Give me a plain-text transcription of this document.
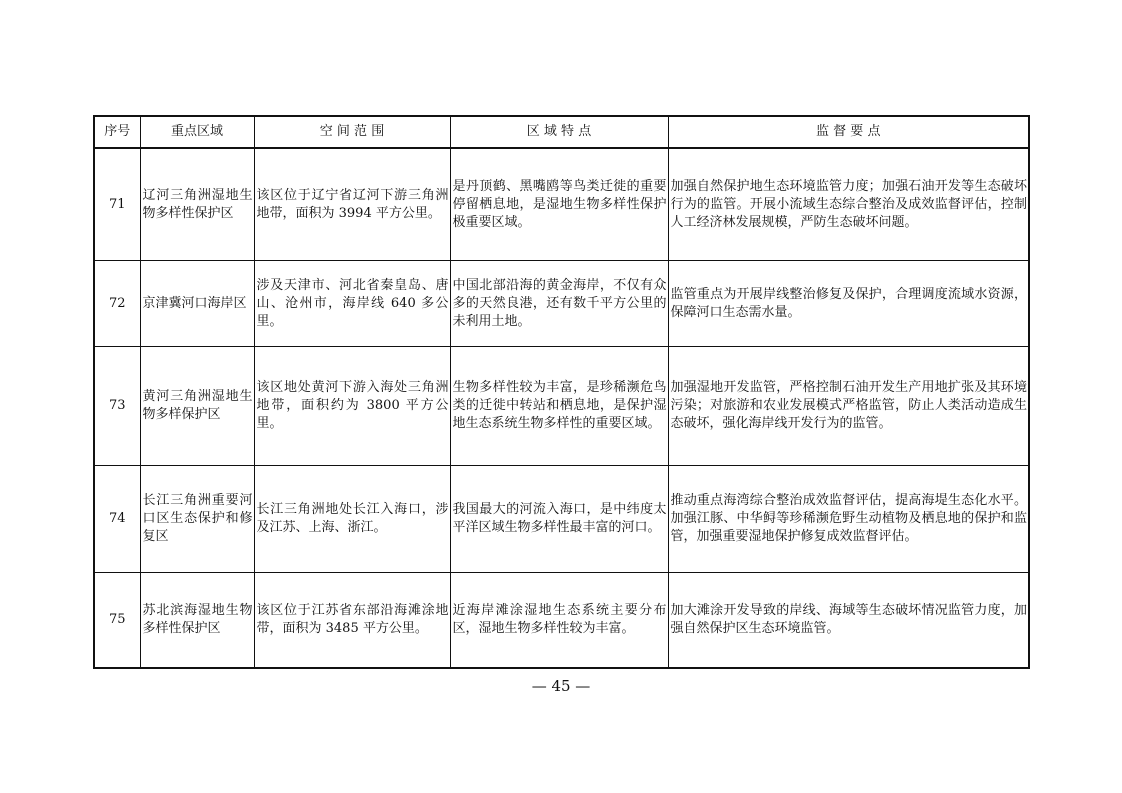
序号	重点区域	空 间 范 围	区 域 特 点	监 督 要 点
71	辽河三角洲湿地生物多样性保护区	该区位于辽宁省辽河下游三角洲地带，面积为 3994 平方公里。	是丹顶鹤、黑嘴鸥等鸟类迁徙的重要停留栖息地，是湿地生物多样性保护极重要区域。	加强自然保护地生态环境监管力度；加强石油开发等生态破坏行为的监管。开展小流域生态综合整治及成效监督评估，控制人工经济林发展规模，严防生态破坏问题。
72	京津冀河口海岸区	涉及天津市、河北省秦皇岛、唐山、沧州市，海岸线 640 多公里。	中国北部沿海的黄金海岸，不仅有众多的天然良港，还有数千平方公里的未利用土地。	监管重点为开展岸线整治修复及保护，合理调度流域水资源，保障河口生态需水量。
73	黄河三角洲湿地生物多样保护区	该区地处黄河下游入海处三角洲地带，面积约为 3800 平方公里。	生物多样性较为丰富，是珍稀濒危鸟类的迁徙中转站和栖息地，是保护湿地生态系统生物多样性的重要区域。	加强湿地开发监管，严格控制石油开发生产用地扩张及其环境污染；对旅游和农业发展模式严格监管，防止人类活动造成生态破坏，强化海岸线开发行为的监管。
74	长江三角洲重要河口区生态保护和修复区	长江三角洲地处长江入海口，涉及江苏、上海、浙江。	我国最大的河流入海口，是中纬度太平洋区域生物多样性最丰富的河口。	推动重点海湾综合整治成效监督评估，提高海堤生态化水平。加强江豚、中华鲟等珍稀濒危野生动植物及栖息地的保护和监管，加强重要湿地保护修复成效监督评估。
75	苏北滨海湿地生物多样性保护区	该区位于江苏省东部沿海滩涂地带，面积为 3485 平方公里。	近海岸滩涂湿地生态系统主要分布区，湿地生物多样性较为丰富。	加大滩涂开发导致的岸线、海域等生态破坏情况监管力度，加强自然保护区生态环境监管。
— 45 —
